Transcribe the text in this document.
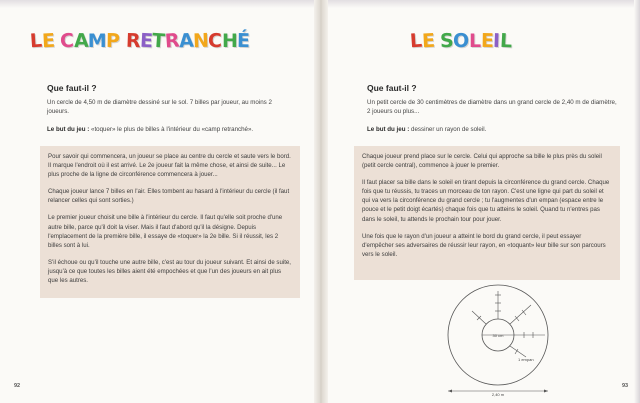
LE CAMP RETRANCHÉ
Que faut-il ?
Un cercle de 4,50 m de diamètre dessiné sur le sol. 7 billes par joueur, au moins 2 joueurs.
Le but du jeu : «toquer» le plus de billes à l'intérieur du «camp retranché».

Pour savoir qui commencera, un joueur se place au centre du cercle et saute vers le bord. Il marque l'endroit où il est arrivé. Le 2e joueur fait la même chose, et ainsi de suite... Le plus proche de la ligne de circonférence commencera à jouer...

Chaque joueur lance 7 billes en l'air. Elles tombent au hasard à l'intérieur du cercle (il faut relancer celles qui sont sorties.)

Le premier joueur choisit une bille à l'intérieur du cercle. Il faut qu'elle soit proche d'une autre bille, parce qu'il doit la viser. Mais il faut d'abord qu'il la désigne. Depuis l'emplacement de la première bille, il essaye de «toquer» la 2e bille. Si il réussit, les 2 billes sont à lui.

S'il échoue ou qu'il touche une autre bille, c'est au tour du joueur suivant. Et ainsi de suite, jusqu'à ce que toutes les billes aient été empochées et que l'un des joueurs en ait plus que les autres.

92
LE SOLEIL
Que faut-il ?
Un petit cercle de 30 centimètres de diamètre dans un grand cercle de 2,40 m de diamètre, 2 joueurs ou plus...
Le but du jeu : dessiner un rayon de soleil.

Chaque joueur prend place sur le cercle. Celui qui approche sa bille le plus près du soleil (petit cercle central), commence à jouer le premier.

Il faut placer sa bille dans le soleil en tirant depuis la circonférence du grand cercle. Chaque fois que tu réussis, tu traces un morceau de ton rayon. C'est une ligne qui part du soleil et qui va vers la circonférence du grand cercle ; tu l'augmentes d'un empan (espace entre le pouce et le petit doigt écartés) chaque fois que tu atteins le soleil. Quand tu n'entres pas dans le soleil, tu attends le prochain tour pour jouer.

Une fois que le rayon d'un joueur a atteint le bord du grand cercle, il peut essayer d'empêcher ses adversaires de réussir leur rayon, en «toquant» leur bille sur son parcours vers le soleil.

30 cm
1 empan
2,40 m
93
